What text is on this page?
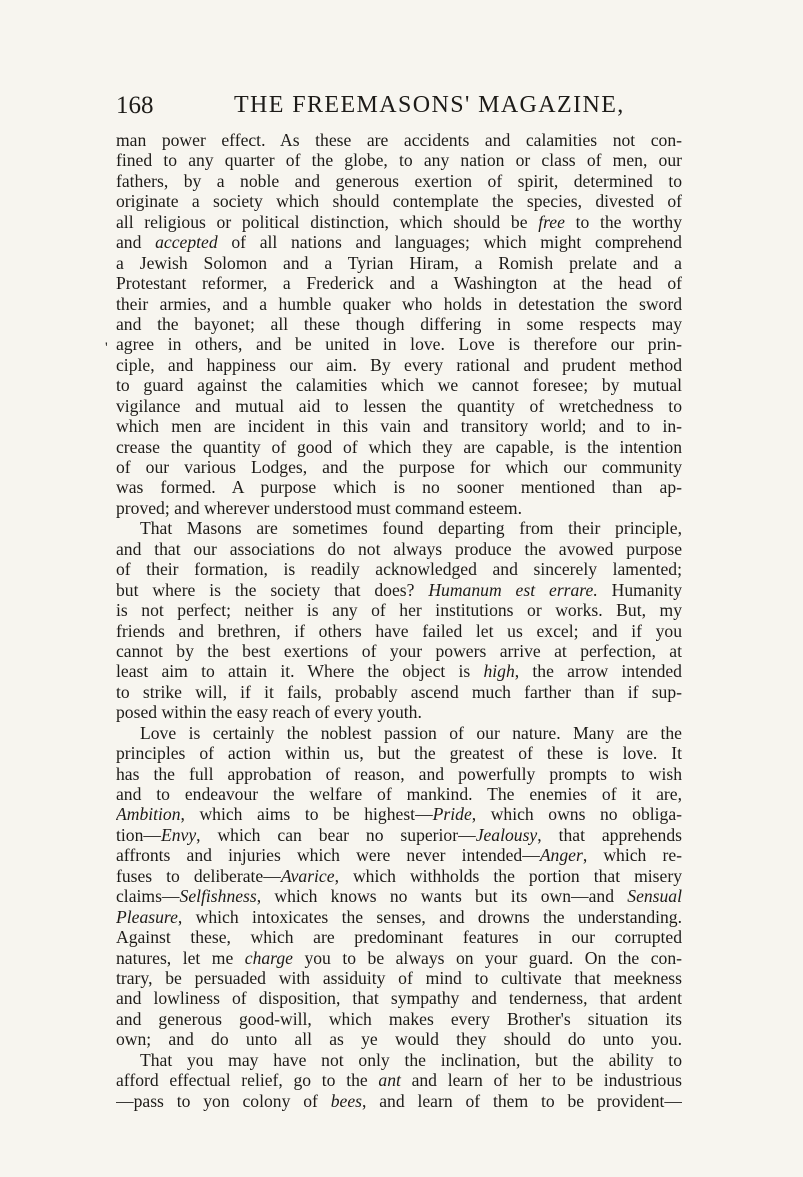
168	THE FREEMASONS' MAGAZINE,
'
man power effect. As these are accidents and calamities not con-
fined to any quarter of the globe, to any nation or class of men, our
fathers, by a noble and generous exertion of spirit, determined to
originate a society which should contemplate the species, divested of
all religious or political distinction, which should be free to the worthy
and accepted of all nations and languages; which might comprehend
a Jewish Solomon and a Tyrian Hiram, a Romish prelate and a
Protestant reformer, a Frederick and a Washington at the head of
their armies, and a humble quaker who holds in detestation the sword
and the bayonet; all these though differing in some respects may
agree in others, and be united in love. Love is therefore our prin-
ciple, and happiness our aim. By every rational and prudent method
to guard against the calamities which we cannot foresee; by mutual
vigilance and mutual aid to lessen the quantity of wretchedness to
which men are incident in this vain and transitory world; and to in-
crease the quantity of good of which they are capable, is the intention
of our various Lodges, and the purpose for which our community
was formed. A purpose which is no sooner mentioned than ap-
proved; and wherever understood must command esteem.
That Masons are sometimes found departing from their principle,
and that our associations do not always produce the avowed purpose
of their formation, is readily acknowledged and sincerely lamented;
but where is the society that does? Humanum est errare. Humanity
is not perfect; neither is any of her institutions or works. But, my
friends and brethren, if others have failed let us excel; and if you
cannot by the best exertions of your powers arrive at perfection, at
least aim to attain it. Where the object is high, the arrow intended
to strike will, if it fails, probably ascend much farther than if sup-
posed within the easy reach of every youth.
Love is certainly the noblest passion of our nature. Many are the
principles of action within us, but the greatest of these is love. It
has the full approbation of reason, and powerfully prompts to wish
and to endeavour the welfare of mankind. The enemies of it are,
Ambition, which aims to be highest—Pride, which owns no obliga-
tion—Envy, which can bear no superior—Jealousy, that apprehends
affronts and injuries which were never intended—Anger, which re-
fuses to deliberate—Avarice, which withholds the portion that misery
claims—Selfishness, which knows no wants but its own—and Sensual
Pleasure, which intoxicates the senses, and drowns the understanding.
Against these, which are predominant features in our corrupted
natures, let me charge you to be always on your guard. On the con-
trary, be persuaded with assiduity of mind to cultivate that meekness
and lowliness of disposition, that sympathy and tenderness, that ardent
and generous good-will, which makes every Brother's situation its
own; and do unto all as ye would they should do unto you.
That you may have not only the inclination, but the ability to
afford effectual relief, go to the ant and learn of her to be industrious
—pass to yon colony of bees, and learn of them to be provident—
